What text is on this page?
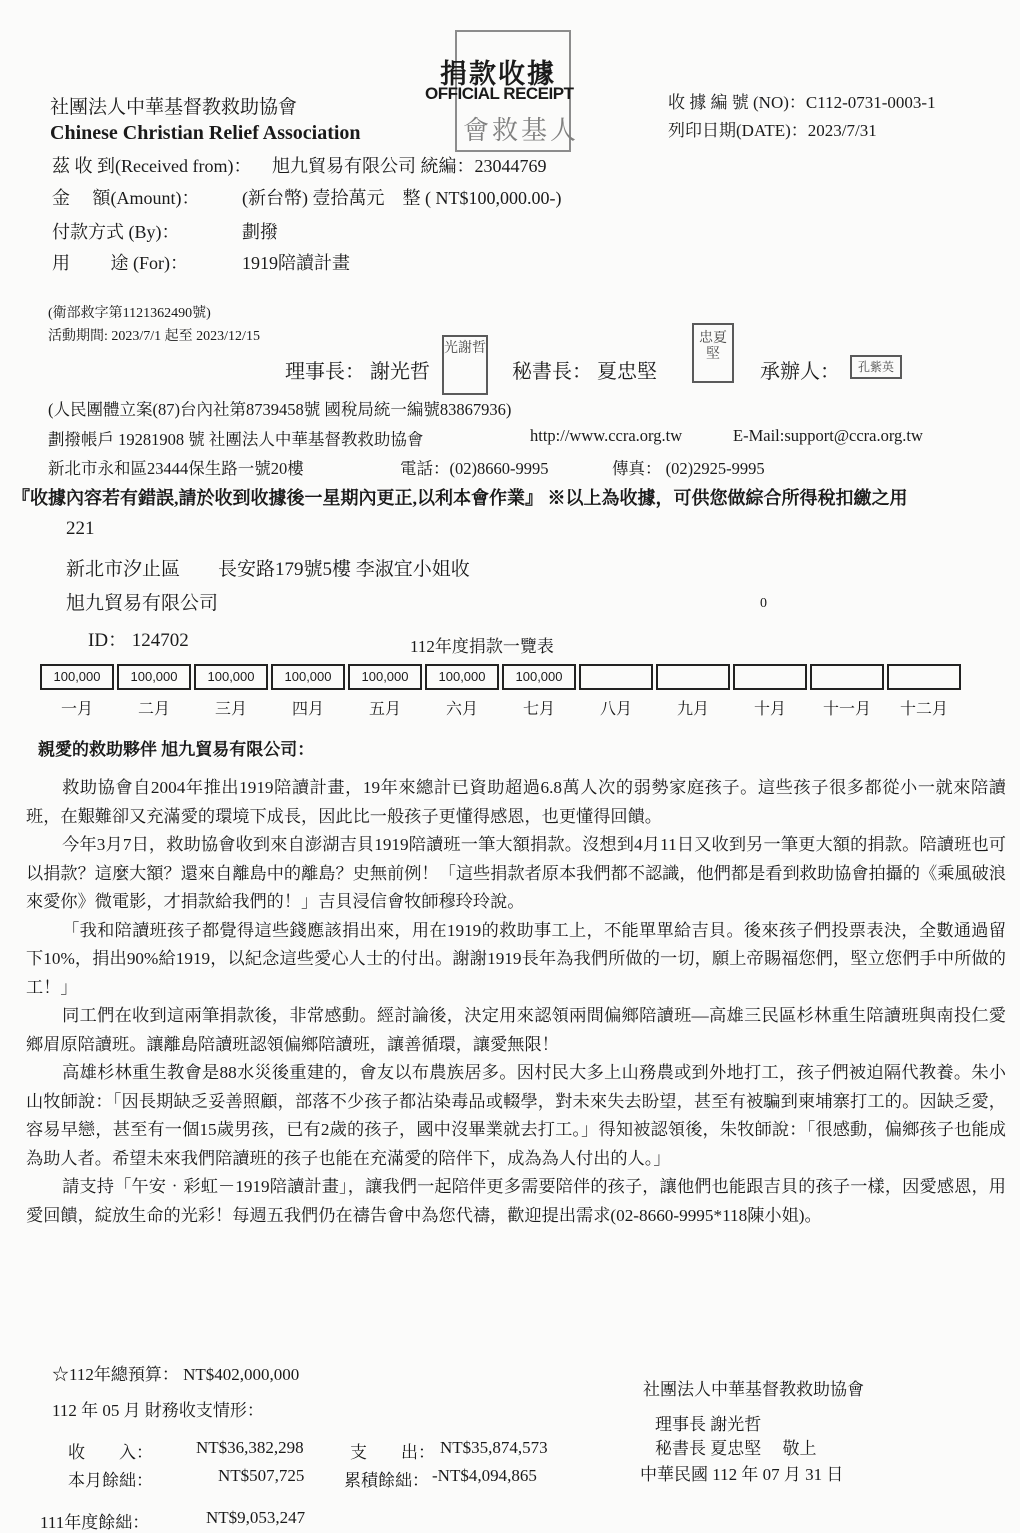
會救基人
捐款收據
OFFICIAL RECEIPT
社團法人中華基督教救助協會
Chinese Christian Relief Association
收 據 編 號 (NO)：C112-0731-0003-1
列印日期(DATE)：2023/7/31
茲 收 到(Received from)： 旭九貿易有限公司 統編：23044769
金　 額(Amount)： (新台幣) 壹拾萬元　整 ( NT$100,000.00-)
付款方式 (By)：	劃撥
用　　 途 (For)：	1919陪讀計畫
(衛部救字第1121362490號)
活動期間: 2023/7/1 起至 2023/12/15
理事長： 謝光哲
光謝哲
秘書長： 夏忠堅
忠夏堅
承辦人：	孔紫英
(人民團體立案(87)台內社第8739458號 國稅局統一編號83867936)
劃撥帳戶 19281908 號 社團法人中華基督教救助協會	http://www.ccra.org.tw	E-Mail:support@ccra.org.tw
新北市永和區23444保生路一號20樓	電話：(02)8660-9995	傳真： (02)2925-9995
『收據內容若有錯誤,請於收到收據後一星期內更正,以利本會作業』 ※以上為收據，可供您做綜合所得稅扣繳之用
221
新北市汐止區　　長安路179號5樓 李淑宜小姐收
旭九貿易有限公司	0
ID： 124702	112年度捐款一覽表
100,000	100,000	100,000	100,000	100,000	100,000	100,000
一月	二月	三月	四月	五月	六月	七月	八月	九月	十月	十一月	十二月
親愛的救助夥伴 旭九貿易有限公司：

救助協會自2004年推出1919陪讀計畫，19年來總計已資助超過6.8萬人次的弱勢家庭孩子。這些孩子很多都從小一就來陪讀班，在艱難卻又充滿愛的環境下成長，因此比一般孩子更懂得感恩，也更懂得回饋。

今年3月7日，救助協會收到來自澎湖吉貝1919陪讀班一筆大額捐款。沒想到4月11日又收到另一筆更大額的捐款。陪讀班也可以捐款？這麼大額？還來自離島中的離島？史無前例！「這些捐款者原本我們都不認識，他們都是看到救助協會拍攝的《乘風破浪來愛你》微電影，才捐款給我們的！」吉貝浸信會牧師穆玲玲說。

「我和陪讀班孩子都覺得這些錢應該捐出來，用在1919的救助事工上，不能單單給吉貝。後來孩子們投票表決，全數通過留下10%，捐出90%給1919，以紀念這些愛心人士的付出。謝謝1919長年為我們所做的一切，願上帝賜福您們，堅立您們手中所做的工！」

同工們在收到這兩筆捐款後，非常感動。經討論後，決定用來認領兩間偏鄉陪讀班—高雄三民區杉林重生陪讀班與南投仁愛鄉眉原陪讀班。讓離島陪讀班認領偏鄉陪讀班，讓善循環，讓愛無限！

高雄杉林重生教會是88水災後重建的，會友以布農族居多。因村民大多上山務農或到外地打工，孩子們被迫隔代教養。朱小山牧師說：「因長期缺乏妥善照顧，部落不少孩子都沾染毒品或輟學，對未來失去盼望，甚至有被騙到柬埔寨打工的。因缺乏愛，容易早戀，甚至有一個15歲男孩，已有2歲的孩子，國中沒畢業就去打工。」得知被認領後，朱牧師說：「很感動，偏鄉孩子也能成為助人者。希望未來我們陪讀班的孩子也能在充滿愛的陪伴下，成為為人付出的人。」

請支持「午安‧彩虹－1919陪讀計畫」，讓我們一起陪伴更多需要陪伴的孩子，讓他們也能跟吉貝的孩子一樣，因愛感恩，用愛回饋，綻放生命的光彩！每週五我們仍在禱告會中為您代禱，歡迎提出需求(02-8660-9995*118陳小姐)。

☆112年總預算： NT$402,000,000
112 年 05 月 財務收支情形：
收　　入：	NT$36,382,298	支　　出： NT$35,874,573
本月餘絀：	NT$507,725 累積餘絀： -NT$4,094,865
111年度餘絀：	NT$9,053,247
社團法人中華基督教救助協會
理事長 謝光哲
秘書長 夏忠堅　 敬上
中華民國 112 年 07 月 31 日
